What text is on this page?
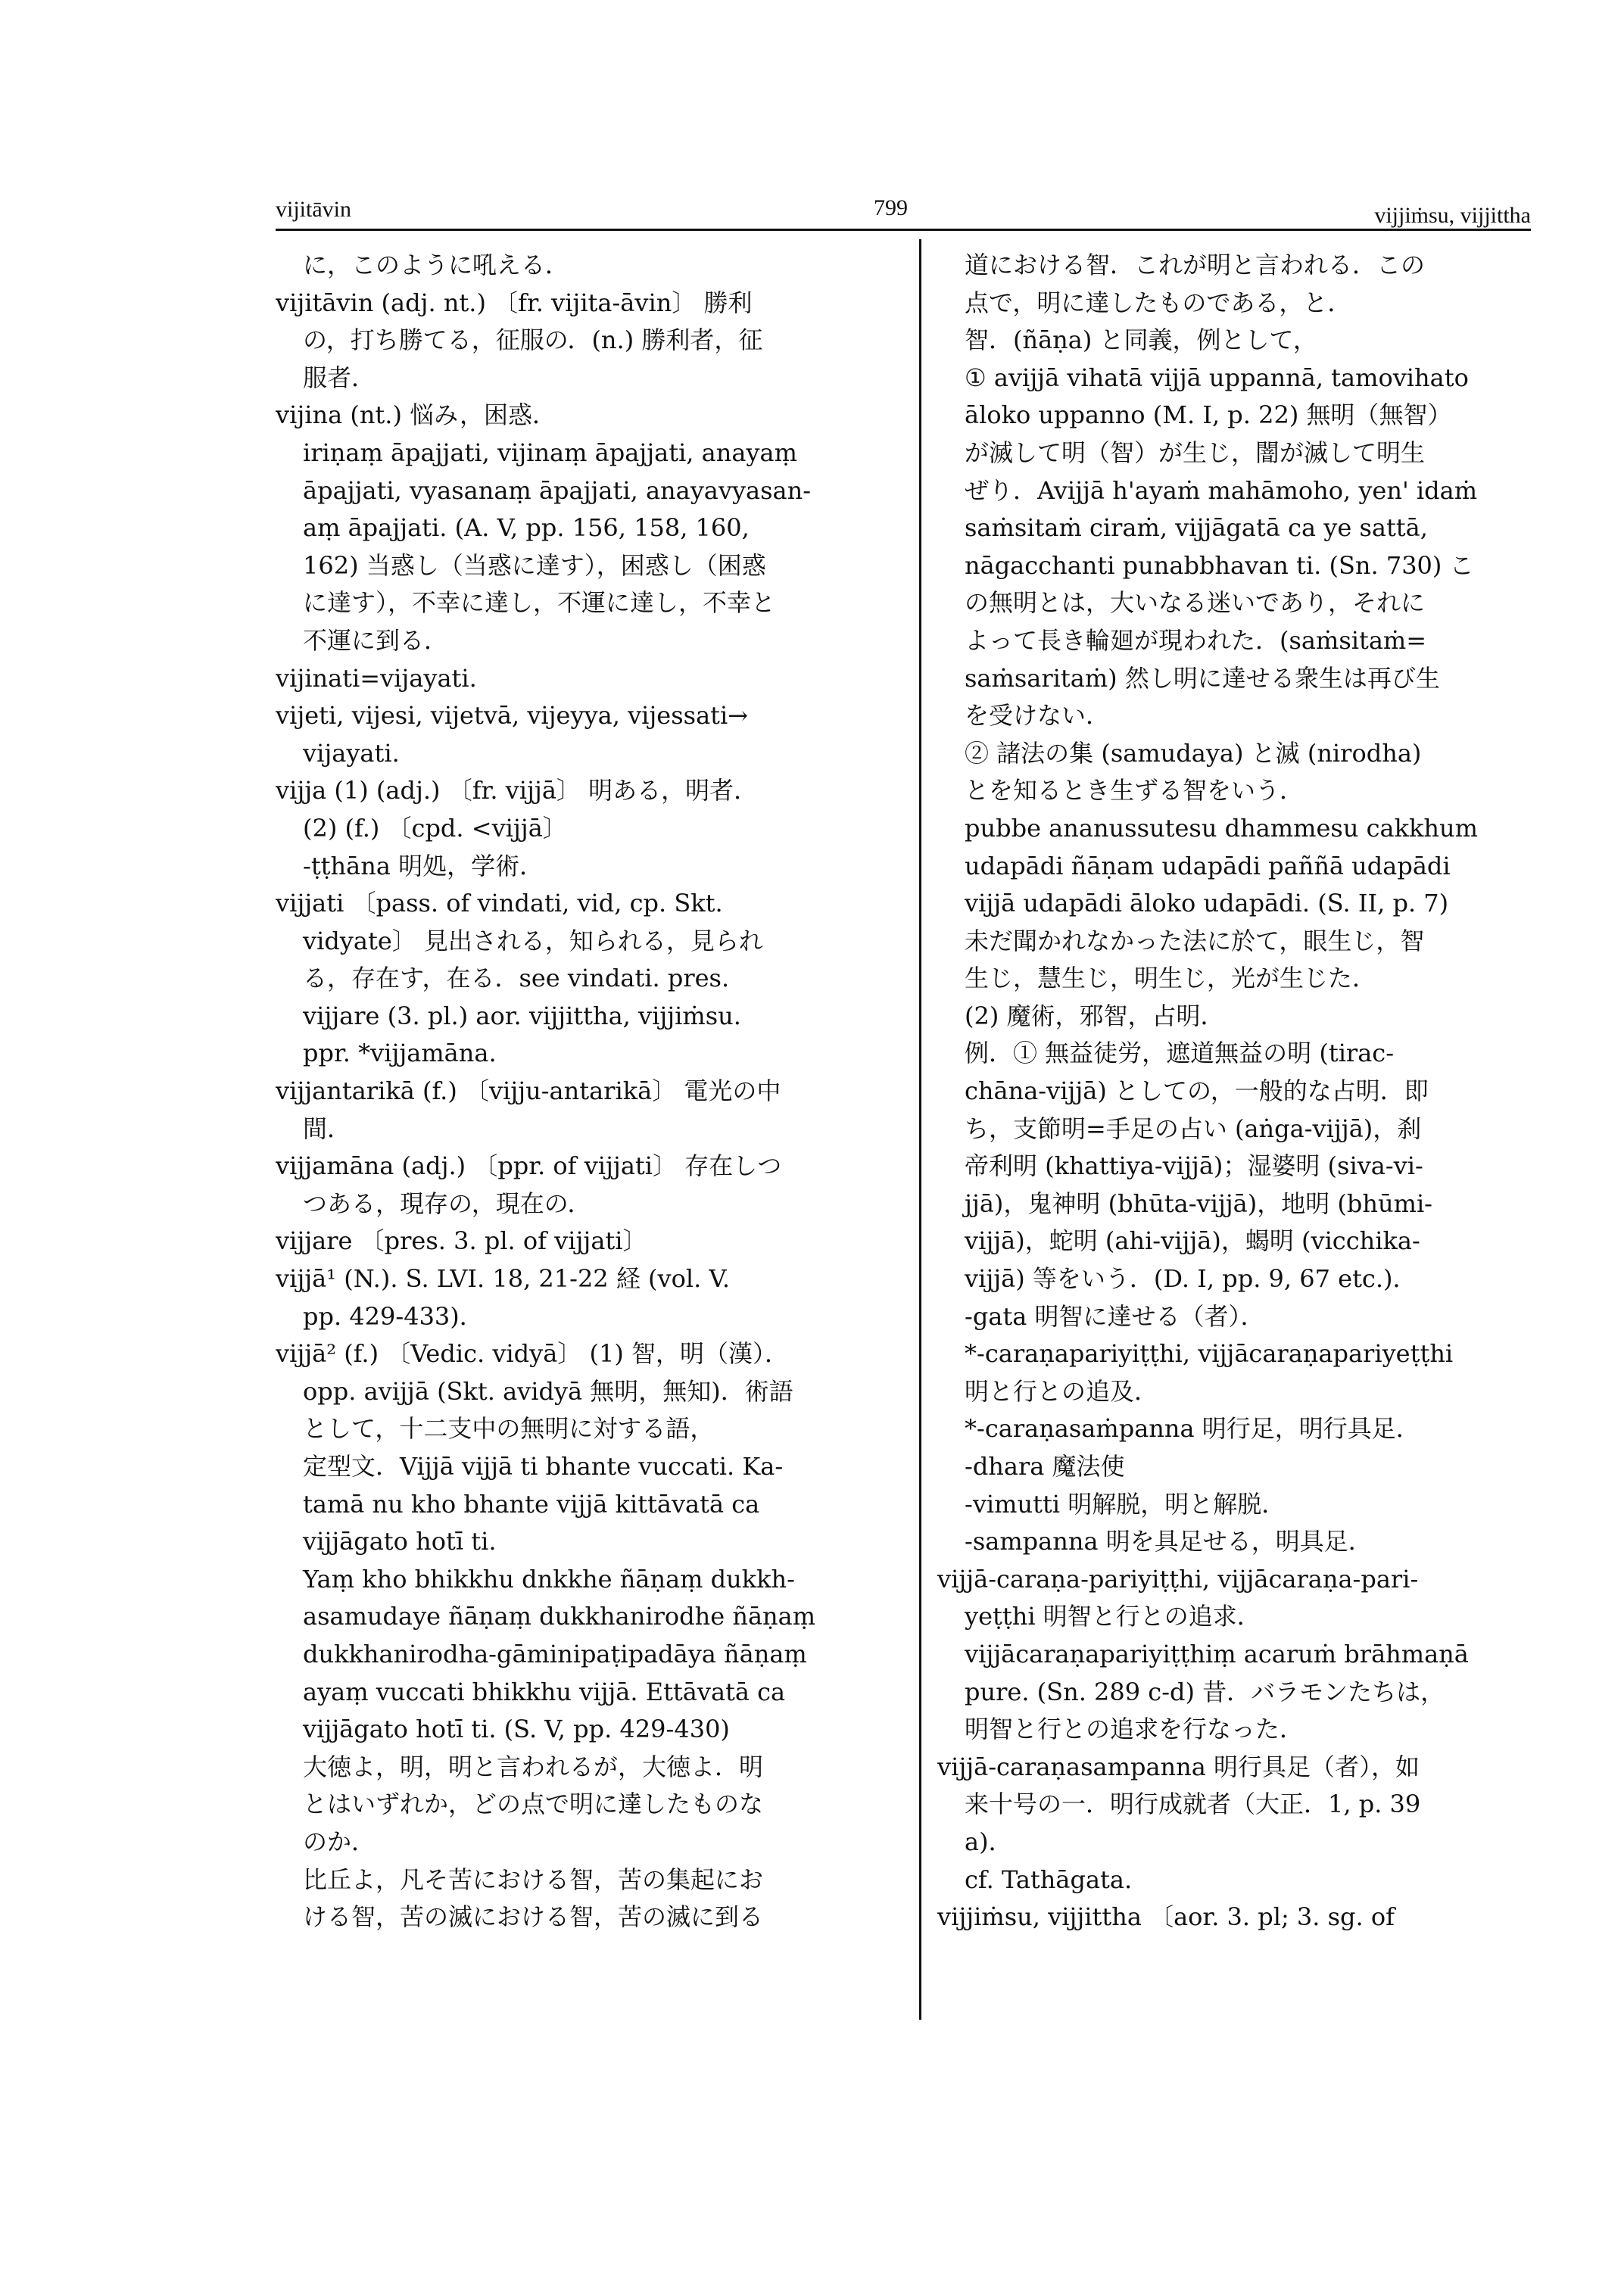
vijitāvin	799	vijjiṁsu, vijjittha
に，このように吼える．
vijitāvin (adj. nt.) 〔fr. vijita-āvin〕 勝利
の，打ち勝てる，征服の．(n.) 勝利者，征
服者．
vijina (nt.) 悩み，困惑．
iriṇaṃ āpajjati, vijinaṃ āpajjati, anayaṃ
āpajjati, vyasanaṃ āpajjati, anayavyasan-
aṃ āpajjati. (A. V, pp. 156, 158, 160,
162) 当惑し（当惑に達す），困惑し（困惑
に達す），不幸に達し，不運に達し，不幸と
不運に到る．
vijinati=vijayati.
vijeti, vijesi, vijetvā, vijeyya, vijessati→
vijayati.
vijja (1) (adj.) 〔fr. vijjā〕 明ある，明者．
(2) (f.) 〔cpd. <vijjā〕
-ṭṭhāna 明処，学術．
vijjati 〔pass. of vindati, vid, cp. Skt.
vidyate〕 見出される，知られる，見られ
る，存在す，在る．see vindati. pres.
vijjare (3. pl.) aor. vijjittha, vijjiṁsu.
ppr. *vijjamāna.
vijjantarikā (f.) 〔vijju-antarikā〕 電光の中
間．
vijjamāna (adj.) 〔ppr. of vijjati〕 存在しつ
つある，現存の，現在の．
vijjare 〔pres. 3. pl. of vijjati〕
vijjā¹ (N.). S. LVI. 18, 21-22 経 (vol. V.
pp. 429-433)．
vijjā² (f.) 〔Vedic. vidyā〕 (1) 智，明（漢）．
opp. avijjā (Skt. avidyā 無明，無知)．術語
として，十二支中の無明に対する語，
定型文．Vijjā vijjā ti bhante vuccati. Ka-
tamā nu kho bhante vijjā kittāvatā ca
vijjāgato hotī ti.
Yaṃ kho bhikkhu dnkkhe ñāṇaṃ dukkh-
asamudaye ñāṇaṃ dukkhanirodhe ñāṇaṃ
dukkhanirodha-gāminipaṭipadāya ñāṇaṃ
ayaṃ vuccati bhikkhu vijjā. Ettāvatā ca
vijjāgato hotī ti. (S. V, pp. 429-430)
大徳よ，明，明と言われるが，大徳よ．明
とはいずれか，どの点で明に達したものな
のか．
比丘よ，凡そ苦における智，苦の集起にお
ける智，苦の滅における智，苦の滅に到る
道における智．これが明と言われる．この
点で，明に達したものである，と．
智．(ñāṇa) と同義，例として，
① avijjā vihatā vijjā uppannā, tamovihato
āloko uppanno (M. I, p. 22) 無明（無智）
が滅して明（智）が生じ，闇が滅して明生
ぜり．Avijjā h'ayaṁ mahāmoho, yen' idaṁ
saṁsitaṁ ciraṁ, vijjāgatā ca ye sattā,
nāgacchanti punabbhavan ti. (Sn. 730) こ
の無明とは，大いなる迷いであり，それに
よって長き輪廻が現われた．(saṁsitaṁ=
saṁsaritaṁ) 然し明に達せる衆生は再び生
を受けない．
② 諸法の集 (samudaya) と滅 (nirodha)
とを知るとき生ずる智をいう．
pubbe ananussutesu dhammesu cakkhum
udapādi ñāṇam udapādi paññā udapādi
vijjā udapādi āloko udapādi. (S. II, p. 7)
未だ聞かれなかった法に於て，眼生じ，智
生じ，慧生じ，明生じ，光が生じた．
(2) 魔術，邪智，占明．
例．① 無益徒労，遮道無益の明 (tirac-
chāna-vijjā) としての，一般的な占明．即
ち，支節明=手足の占い (aṅga-vijjā)，刹
帝利明 (khattiya-vijjā)；湿婆明 (siva-vi-
jjā)，鬼神明 (bhūta-vijjā)，地明 (bhūmi-
vijjā)，蛇明 (ahi-vijjā)，蝎明 (vicchika-
vijjā) 等をいう．(D. I, pp. 9, 67 etc.)．
-gata 明智に達せる（者）．
*-caraṇapariyiṭṭhi, vijjācaraṇapariyeṭṭhi
明と行との追及．
*-caraṇasaṁpanna 明行足，明行具足．
-dhara 魔法使
-vimutti 明解脱，明と解脱．
-sampanna 明を具足せる，明具足．
vijjā-caraṇa-pariyiṭṭhi, vijjācaraṇa-pari-
yeṭṭhi 明智と行との追求．
vijjācaraṇapariyiṭṭhiṃ acaruṁ brāhmaṇā
pure. (Sn. 289 c-d) 昔．バラモンたちは，
明智と行との追求を行なった．
vijjā-caraṇasampanna 明行具足（者），如
来十号の一．明行成就者（大正．1, p. 39
a)．
cf. Tathāgata.
vijjiṁsu, vijjittha 〔aor. 3. pl; 3. sg. of
